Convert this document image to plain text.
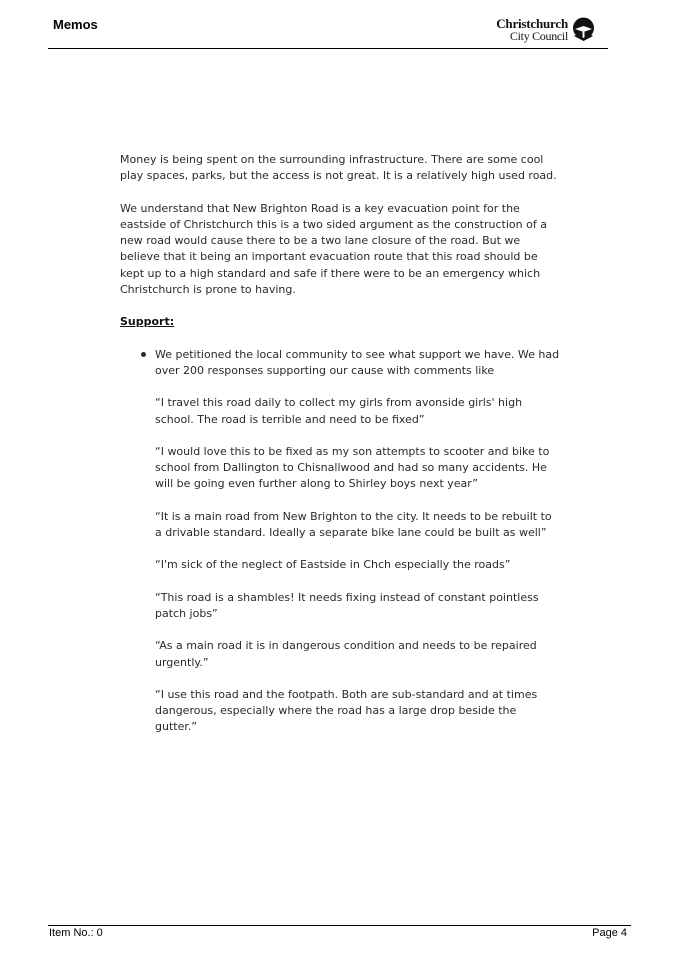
Memos	Christchurch
City Council

Money is being spent on the surrounding infrastructure. There are some cool play spaces, parks, but the access is not great. It is a relatively high used road.

We understand that New Brighton Road is a key evacuation point for the eastside of Christchurch this is a two sided argument as the construction of a new road would cause there to be a two lane closure of the road. But we believe that it being an important evacuation route that this road should be kept up to a high standard and safe if there were to be an emergency which Christchurch is prone to having.

Support:

We petitioned the local community to see what support we have. We had over 200 responses supporting our cause with comments like

“I travel this road daily to collect my girls from avonside girls' high school. The road is terrible and need to be fixed”

“I would love this to be fixed as my son attempts to scooter and bike to school from Dallington to Chisnallwood and had so many accidents. He will be going even further along to Shirley boys next year”

“It is a main road from New Brighton to the city. It needs to be rebuilt to a drivable standard. Ideally a separate bike lane could be built as well”

“I'm sick of the neglect of Eastside in Chch especially the roads”

“This road is a shambles! It needs fixing instead of constant pointless patch jobs”

“As a main road it is in dangerous condition and needs to be repaired urgently.”

“I use this road and the footpath. Both are sub-standard and at times dangerous, especially where the road has a large drop beside the gutter.”

Item No.: 0	Page 4
